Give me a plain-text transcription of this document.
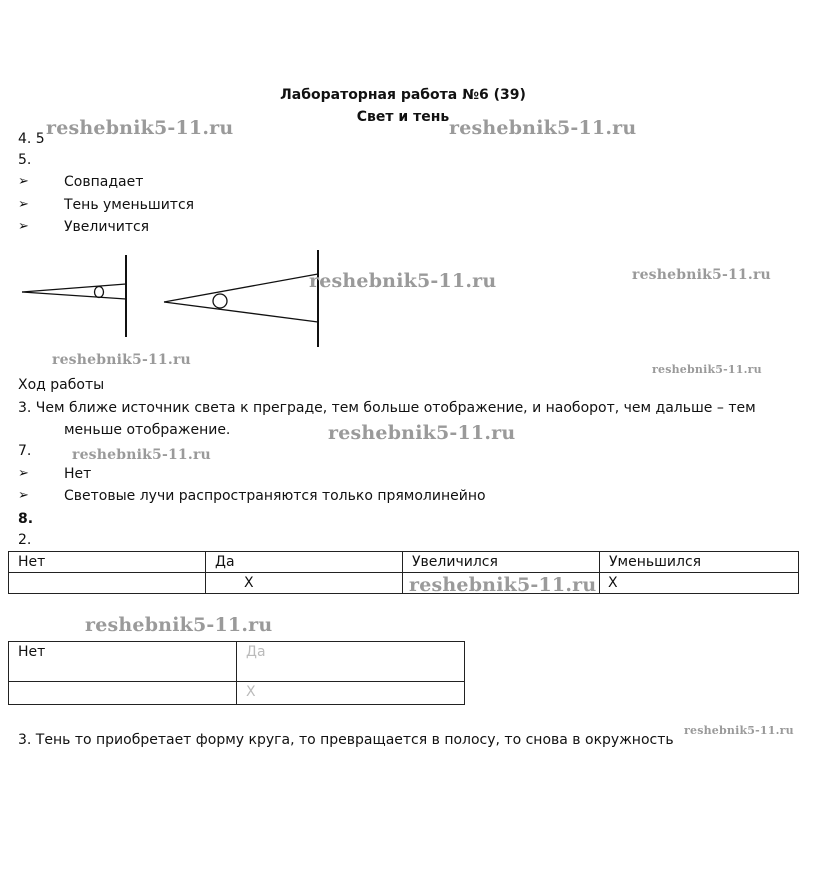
Лабораторная работа №6 (39)
Свет и тень
4. 5
5.
➢	Совпадает
➢	Тень уменьшится
➢	Увеличится
Ход работы
3. Чем ближе источник света к преграде, тем больше отображение, и наоборот, чем дальше – тем
меньше отображение.
7.
➢	Нет
➢	Световые лучи распространяются только прямолинейно
8.
2.
Нет	Да	Увеличился	Уменьшился
	Х		Х
Нет	Да
	Х
3. Тень то приобретает форму круга, то превращается в полосу, то снова в окружность
reshebnik5-11.ru	reshebnik5-11.ru
reshebnik5-11.ru	reshebnik5-11.ru
reshebnik5-11.ru
reshebnik5-11.ru
reshebnik5-11.ru
reshebnik5-11.ru
reshebnik5-11.ru
reshebnik5-11.ru
reshebnik5-11.ru
